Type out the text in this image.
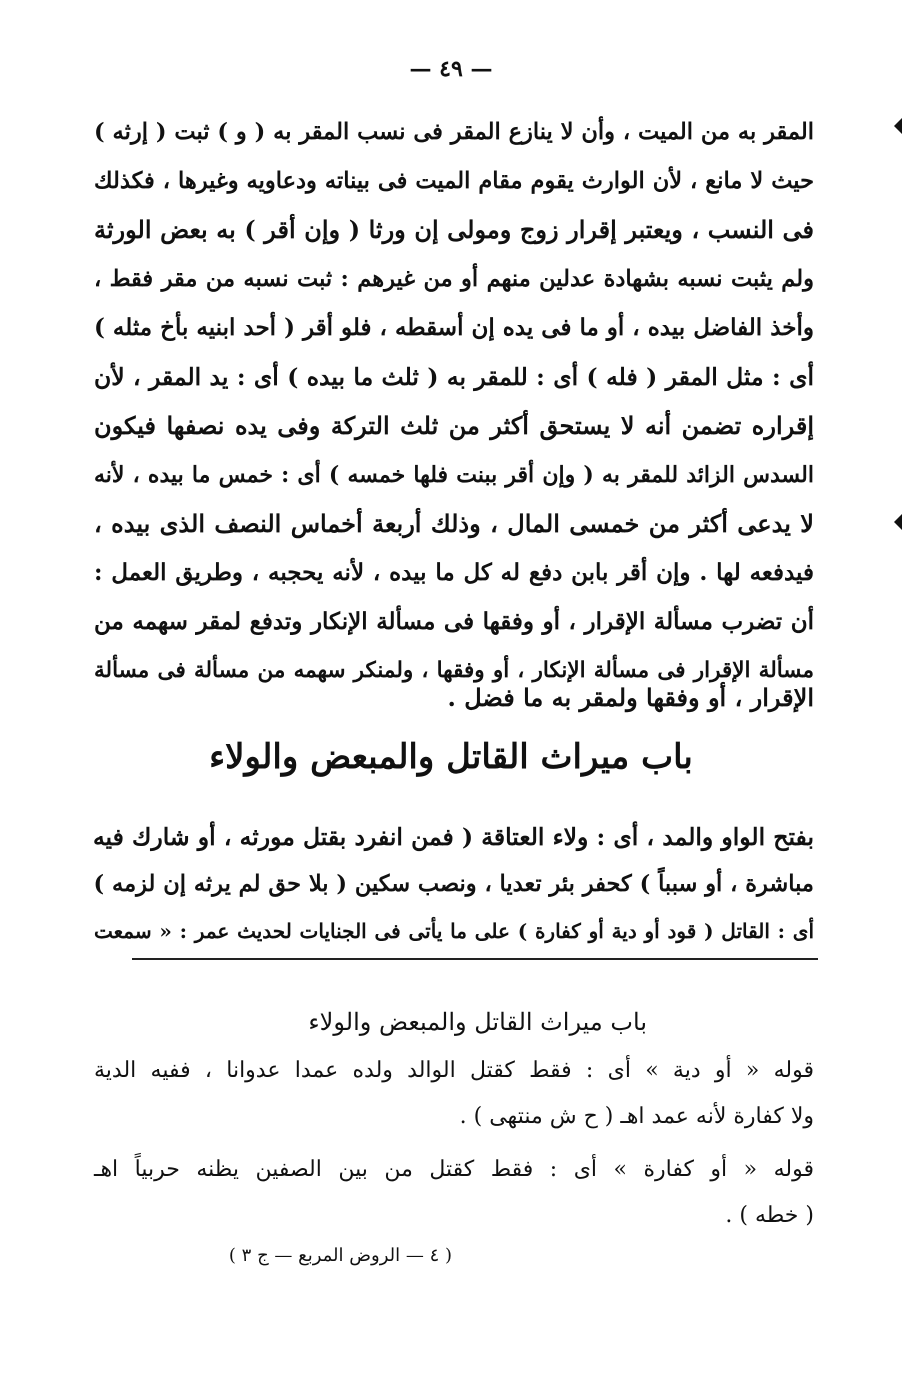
— ٤٩ —
المقر به من الميت ، وأن لا ينازع المقر فى نسب المقر به ( و ) ثبت ( إرثه )
حيث لا مانع ، لأن الوارث يقوم مقام الميت فى بيناته ودعاويه وغيرها ، فكذلك
فى النسب ، ويعتبر إقرار زوج ومولى إن ورثا ( وإن أقر ) به بعض الورثة
ولم يثبت نسبه بشهادة عدلين منهم أو من غيرهم : ثبت نسبه من مقر فقط ،
وأخذ الفاضل بيده ، أو ما فى يده إن أسقطه ، فلو أقر ( أحد ابنيه بأخ مثله )
أى : مثل المقر ( فله ) أى : للمقر به ( ثلث ما بيده ) أى : يد المقر ، لأن
إقراره تضمن أنه لا يستحق أكثر من ثلث التركة وفى يده نصفها فيكون
السدس الزائد للمقر به ( وإن أقر ببنت فلها خمسه ) أى : خمس ما بيده ، لأنه
لا يدعى أكثر من خمسى المال ، وذلك أربعة أخماس النصف الذى بيده ،
فيدفعه لها . وإن أقر بابن دفع له كل ما بيده ، لأنه يحجبه ، وطريق العمل :
أن تضرب مسألة الإقرار ، أو وفقها فى مسألة الإنكار وتدفع لمقر سهمه من
مسألة الإقرار فى مسألة الإنكار ، أو وفقها ، ولمنكر سهمه من مسألة فى مسألة
الإقرار ، أو وفقها ولمقر به ما فضل .
باب ميراث القاتل والمبعض والولاء
بفتح الواو والمد ، أى : ولاء العتاقة ( فمن انفرد بقتل مورثه ، أو شارك فيه
مباشرة ، أو سبباً ) كحفر بئر تعديا ، ونصب سكين ( بلا حق لم يرثه إن لزمه )
أى : القاتل ( قود أو دية أو كفارة ) على ما يأتى فى الجنايات لحديث عمر : « سمعت
باب ميراث القاتل والمبعض والولاء
قوله « أو دية » أى : فقط كقتل الوالد ولده عمدا عدوانا ، ففيه الدية
ولا كفارة لأنه عمد اهـ ( ح ش منتهى ) .
قوله « أو كفارة » أى : فقط كقتل من بين الصفين يظنه حربياً اهـ
( خطه ) .
( ٤ — الروض المربع — ج ٣ )
